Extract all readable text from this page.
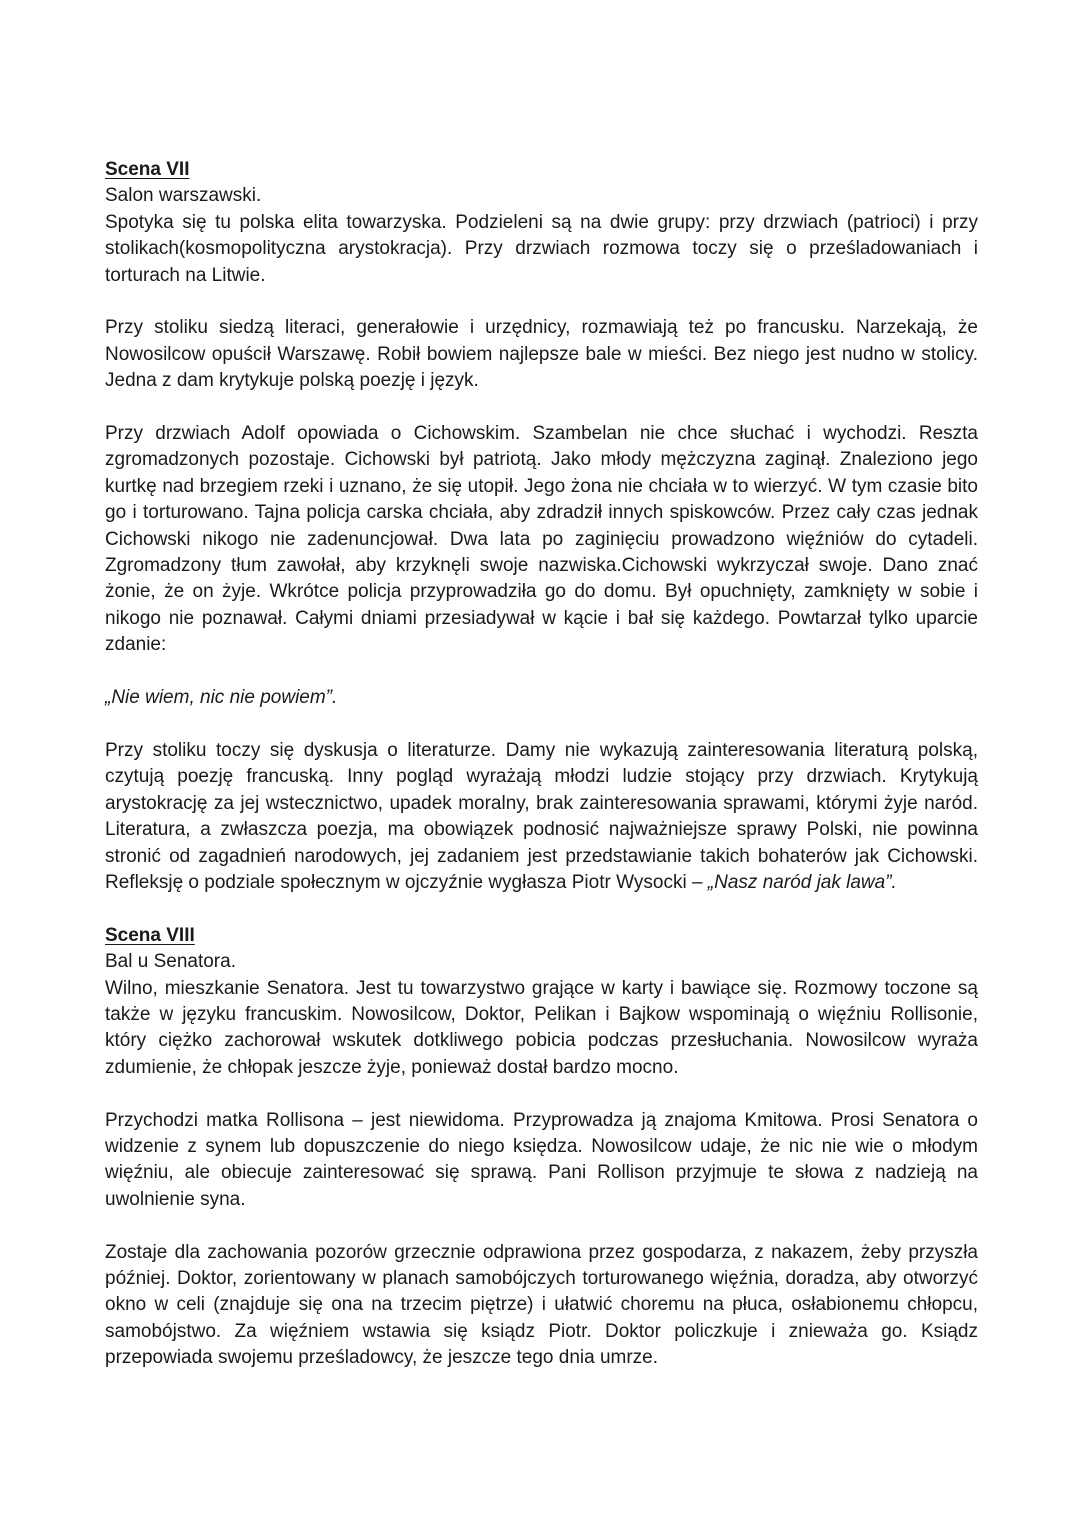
Scena VII
Salon warszawski.
Spotyka się tu polska elita towarzyska. Podzieleni są na dwie grupy: przy drzwiach (patrioci) i przy stolikach(kosmopolityczna arystokracja). Przy drzwiach rozmowa toczy się o prześladowaniach i torturach na Litwie.
Przy stoliku siedzą literaci, generałowie i urzędnicy, rozmawiają też po francusku. Narzekają, że Nowosilcow opuścił Warszawę. Robił bowiem najlepsze bale w mieści. Bez niego jest nudno w stolicy. Jedna z dam krytykuje polską poezję i język.
Przy drzwiach Adolf opowiada o Cichowskim. Szambelan nie chce słuchać i wychodzi. Reszta zgromadzonych pozostaje. Cichowski był patriotą. Jako młody mężczyzna zaginął. Znaleziono jego kurtkę nad brzegiem rzeki i uznano, że się utopił. Jego żona nie chciała w to wierzyć. W tym czasie bito go i torturowano. Tajna policja carska chciała, aby zdradził innych spiskowców. Przez cały czas jednak Cichowski nikogo nie zadenuncjował. Dwa lata po zaginięciu prowadzono więźniów do cytadeli. Zgromadzony tłum zawołał, aby krzyknęli swoje nazwiska.Cichowski wykrzyczał swoje. Dano znać żonie, że on żyje. Wkrótce policja przyprowadziła go do domu. Był opuchnięty, zamknięty w sobie i nikogo nie poznawał. Całymi dniami przesiadywał w kącie i bał się każdego. Powtarzał tylko uparcie zdanie:
„Nie wiem, nic nie powiem”.
Przy stoliku toczy się dyskusja o literaturze. Damy nie wykazują zainteresowania literaturą polską, czytują poezję francuską. Inny pogląd wyrażają młodzi ludzie stojący przy drzwiach. Krytykują arystokrację za jej wstecznictwo, upadek moralny, brak zainteresowania sprawami, którymi żyje naród. Literatura, a zwłaszcza poezja, ma obowiązek podnosić najważniejsze sprawy Polski, nie powinna stronić od zagadnień narodowych, jej zadaniem jest przedstawianie takich bohaterów jak Cichowski. Refleksję o podziale społecznym w ojczyźnie wygłasza Piotr Wysocki – „Nasz naród jak lawa”.
Scena VIII
Bal u Senatora.
Wilno, mieszkanie Senatora. Jest tu towarzystwo grające w karty i bawiące się. Rozmowy toczone są także w języku francuskim. Nowosilcow, Doktor, Pelikan i Bajkow wspominają o więźniu Rollisonie, który ciężko zachorował wskutek dotkliwego pobicia podczas przesłuchania. Nowosilcow wyraża zdumienie, że chłopak jeszcze żyje, ponieważ dostał bardzo mocno.
Przychodzi matka Rollisona – jest niewidoma. Przyprowadza ją znajoma Kmitowa. Prosi Senatora o widzenie z synem lub dopuszczenie do niego księdza. Nowosilcow udaje, że nic nie wie o młodym więźniu, ale obiecuje zainteresować się sprawą. Pani Rollison przyjmuje te słowa z nadzieją na uwolnienie syna.
Zostaje dla zachowania pozorów grzecznie odprawiona przez gospodarza, z nakazem, żeby przyszła później. Doktor, zorientowany w planach samobójczych torturowanego więźnia, doradza, aby otworzyć okno w celi (znajduje się ona na trzecim piętrze) i ułatwić choremu na płuca, osłabionemu chłopcu, samobójstwo. Za więźniem wstawia się ksiądz Piotr. Doktor policzkuje i znieważa go. Ksiądz przepowiada swojemu prześladowcy, że jeszcze tego dnia umrze.
